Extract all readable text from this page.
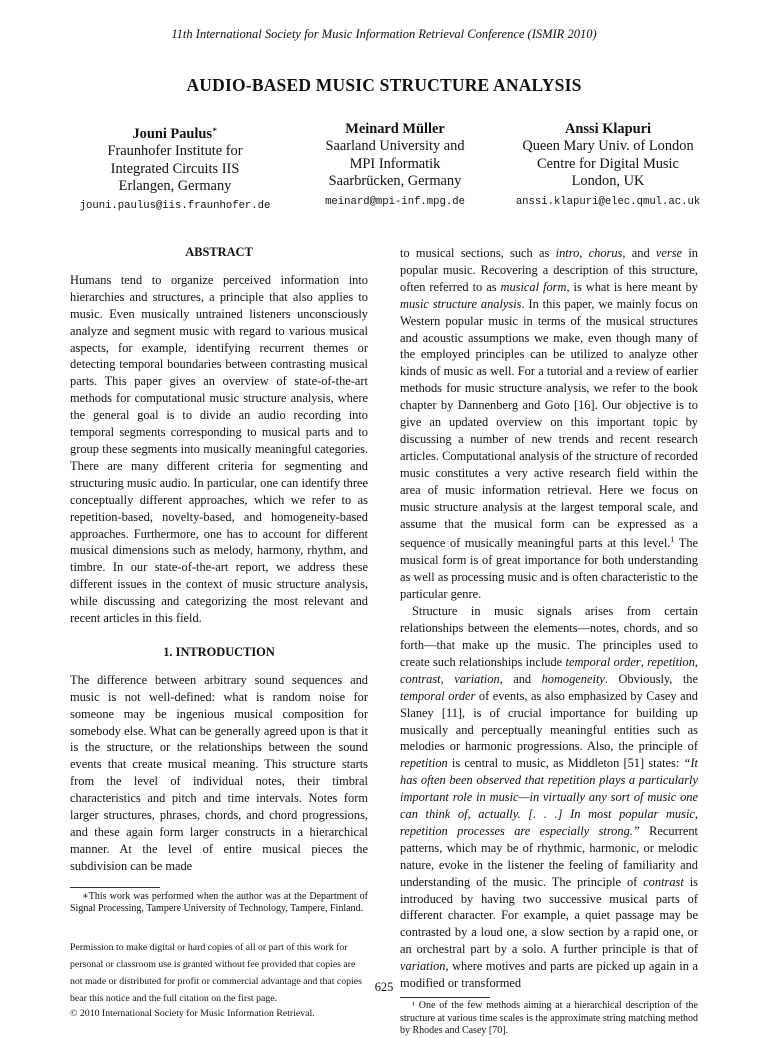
11th International Society for Music Information Retrieval Conference (ISMIR 2010)
AUDIO-BASED MUSIC STRUCTURE ANALYSIS
Jouni Paulus∗
Fraunhofer Institute for
Integrated Circuits IIS
Erlangen, Germany
jouni.paulus@iis.fraunhofer.de
Meinard Müller
Saarland University and
MPI Informatik
Saarbrücken, Germany
meinard@mpi-inf.mpg.de
Anssi Klapuri
Queen Mary Univ. of London
Centre for Digital Music
London, UK
anssi.klapuri@elec.qmul.ac.uk

ABSTRACT

Humans tend to organize perceived information into hierarchies and structures, a principle that also applies to music. Even musically untrained listeners unconsciously analyze and segment music with regard to various musical aspects, for example, identifying recurrent themes or detecting temporal boundaries between contrasting musical parts. This paper gives an overview of state-of-the-art methods for computational music structure analysis, where the general goal is to divide an audio recording into temporal segments corresponding to musical parts and to group these segments into musically meaningful categories. There are many different criteria for segmenting and structuring music audio. In particular, one can identify three conceptually different approaches, which we refer to as repetition-based, novelty-based, and homogeneity-based approaches. Furthermore, one has to account for different musical dimensions such as melody, harmony, rhythm, and timbre. In our state-of-the-art report, we address these different issues in the context of music structure analysis, while discussing and categorizing the most relevant and recent articles in this field.

1. INTRODUCTION

The difference between arbitrary sound sequences and music is not well-defined: what is random noise for someone may be ingenious musical composition for somebody else. What can be generally agreed upon is that it is the structure, or the relationships between the sound events that create musical meaning. This structure starts from the level of individual notes, their timbral characteristics and pitch and time intervals. Notes form larger structures, phrases, chords, and chord progressions, and these again form larger constructs in a hierarchical manner. At the level of entire musical pieces the subdivision can be made

∗This work was performed when the author was at the Department of Signal Processing, Tampere University of Technology, Tampere, Finland.

Permission to make digital or hard copies of all or part of this work for personal or classroom use is granted without fee provided that copies are not made or distributed for profit or commercial advantage and that copies bear this notice and the full citation on the first page.

© 2010 International Society for Music Information Retrieval.

to musical sections, such as intro, chorus, and verse in popular music. Recovering a description of this structure, often referred to as musical form, is what is here meant by music structure analysis. In this paper, we mainly focus on Western popular music in terms of the musical structures and acoustic assumptions we make, even though many of the employed principles can be utilized to analyze other kinds of music as well. For a tutorial and a review of earlier methods for music structure analysis, we refer to the book chapter by Dannenberg and Goto [16]. Our objective is to give an updated overview on this important topic by discussing a number of new trends and recent research articles. Computational analysis of the structure of recorded music constitutes a very active research field within the area of music information retrieval. Here we focus on music structure analysis at the largest temporal scale, and assume that the musical form can be expressed as a sequence of musically meaningful parts at this level.$^1$ The musical form is of great importance for both understanding as well as processing music and is often characteristic to the particular genre.

Structure in music signals arises from certain relationships between the elements—notes, chords, and so forth—that make up the music. The principles used to create such relationships include temporal order, repetition, contrast, variation, and homogeneity. Obviously, the temporal order of events, as also emphasized by Casey and Slaney [11], is of crucial importance for building up musically and perceptually meaningful entities such as melodies or harmonic progressions. Also, the principle of repetition is central to music, as Middleton [51] states: “It has often been observed that repetition plays a particularly important role in music—in virtually any sort of music one can think of, actually. [. . .] In most popular music, repetition processes are especially strong.” Recurrent patterns, which may be of rhythmic, harmonic, or melodic nature, evoke in the listener the feeling of familiarity and understanding of the music. The principle of contrast is introduced by having two successive musical parts of different character. For example, a quiet passage may be contrasted by a loud one, a slow section by a rapid one, or an orchestral part by a solo. A further principle is that of variation, where motives and parts are picked up again in a modified or transformed

¹ One of the few methods aiming at a hierarchical description of the structure at various time scales is the approximate string matching method by Rhodes and Casey [70].

625
